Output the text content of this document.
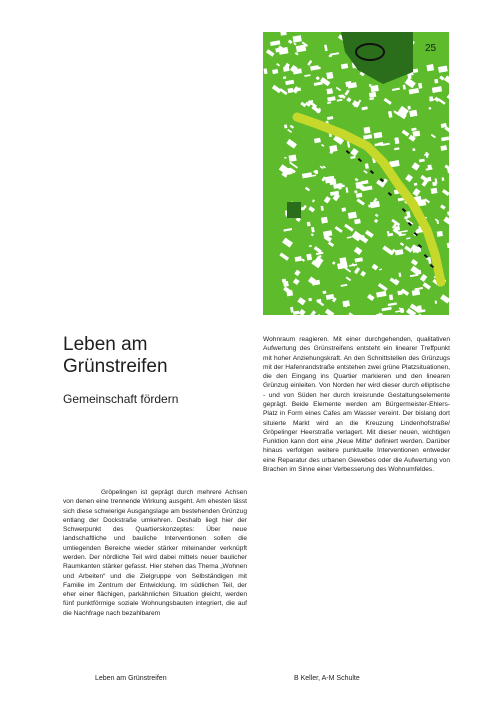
25
Leben am Grünstreifen
Gemeinschaft fördern

Gröpelingen ist geprägt durch mehrere Achsen von denen eine trennende Wirkung ausgeht. Am ehesten lässt sich diese schwierige Ausgangslage am bestehenden Grünzug entlang der Dockstraße umkehren. Deshalb liegt hier der Schwerpunkt des Quartierskonzeptes: Über neue landschaftliche und bauliche Interventionen sollen die umliegenden Bereiche wieder stärker miteinander verknüpft werden. Der nördliche Teil wird dabei mittels neuer baulicher Raumkanten stärker gefasst. Hier stehen das Thema „Wohnen und Arbeiten“ und die Zielgruppe von Selbständigen mit Familie im Zentrum der Entwicklung. Im südlichen Teil, der eher einer flächigen, parkähnlichen Situation gleicht, werden fünf punktförmige soziale Wohnungsbauten integriert, die auf die Nachfrage nach bezahlbarem

Wohnraum reagieren. Mit einer durchgehenden, qualitativen Aufwertung des Grünstreifens entsteht ein linearer Treffpunkt mit hoher Anziehungskraft. An den Schnittstellen des Grünzugs mit der Hafenrandstraße entstehen zwei grüne Platzsituationen, die den Eingang ins Quartier markieren und den linearen Grünzug einleiten. Von Norden her wird dieser durch elliptische - und von Süden her durch kreisrunde Gestaltungselemente geprägt. Beide Elemente werden am Bürgermeister-Ehlers-Platz in Form eines Cafes am Wasser vereint. Der bislang dort situierte Markt wird an die Kreuzung Lindenhofstraße/ Gröpelinger Heerstraße verlagert. Mit dieser neuen, wichtigen Funktion kann dort eine „Neue Mitte“ definiert werden. Darüber hinaus verfolgen weitere punktuelle Interventionen entweder eine Reparatur des urbanen Gewebes oder die Aufwertung von Brachen im Sinne einer Verbesserung des Wohnumfeldes.

Leben am Grünstreifen	B Keller, A-M Schulte
